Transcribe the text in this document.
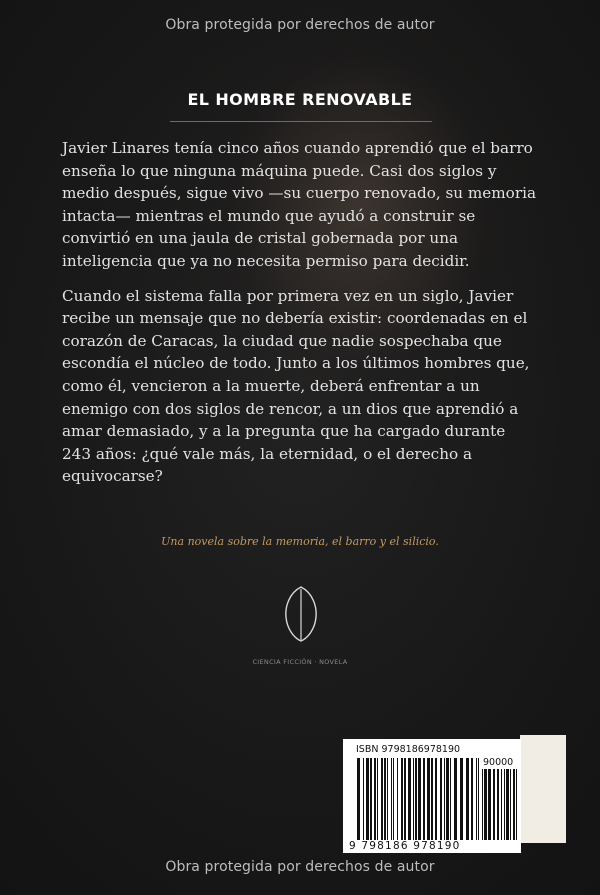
Obra protegida por derechos de autor
EL HOMBRE RENOVABLE

Javier Linares tenía cinco años cuando aprendió que el barro enseña lo que ninguna máquina puede. Casi dos siglos y medio después, sigue vivo —su cuerpo renovado, su memoria intacta— mientras el mundo que ayudó a construir se convirtió en una jaula de cristal gobernada por una inteligencia que ya no necesita permiso para decidir.

Cuando el sistema falla por primera vez en un siglo, Javier recibe un mensaje que no debería existir: coordenadas en el corazón de Caracas, la ciudad que nadie sospechaba que escondía el núcleo de todo. Junto a los últimos hombres que, como él, vencieron a la muerte, deberá enfrentar a un enemigo con dos siglos de rencor, a un dios que aprendió a amar demasiado, y a la pregunta que ha cargado durante 243 años: ¿qué vale más, la eternidad, o el derecho a equivocarse?

Una novela sobre la memoria, el barro y el silicio.
CIENCIA FICCIÓN · NOVELA
ISBN 9798186978190
90000
9 798186 978190
Obra protegida por derechos de autor
